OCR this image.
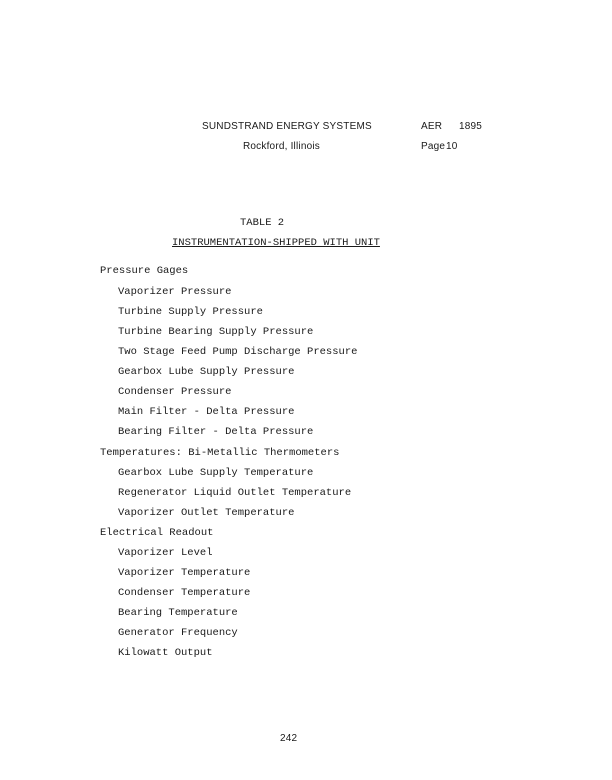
SUNDSTRAND ENERGY SYSTEMS
Rockford, Illinois
AER 1895
Page 10
TABLE 2
INSTRUMENTATION-SHIPPED WITH UNIT
Pressure Gages
Vaporizer Pressure
Turbine Supply Pressure
Turbine Bearing Supply Pressure
Two Stage Feed Pump Discharge Pressure
Gearbox Lube Supply Pressure
Condenser Pressure
Main Filter - Delta Pressure
Bearing Filter - Delta Pressure
Temperatures: Bi-Metallic Thermometers
Gearbox Lube Supply Temperature
Regenerator Liquid Outlet Temperature
Vaporizer Outlet Temperature
Electrical Readout
Vaporizer Level
Vaporizer Temperature
Condenser Temperature
Bearing Temperature
Generator Frequency
Kilowatt Output
242
